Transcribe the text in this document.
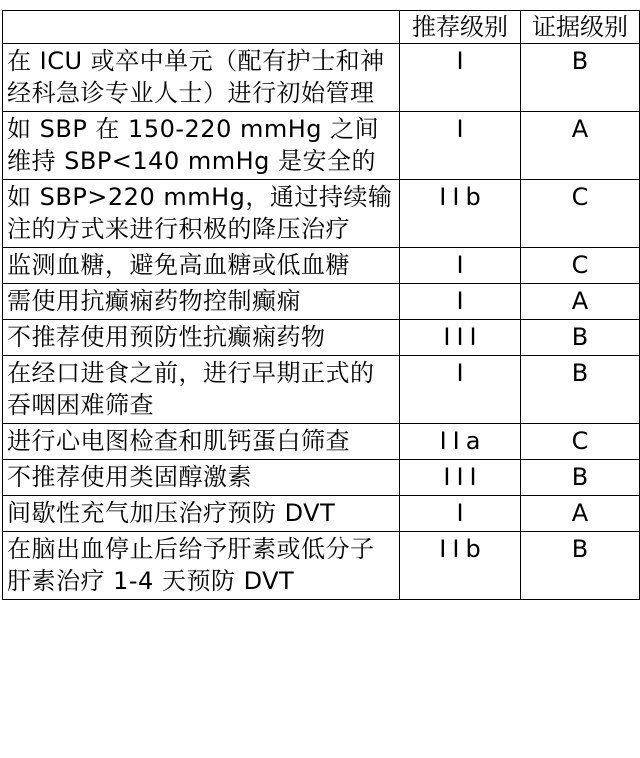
	推荐级别	证据级别
在 ICU 或卒中单元（配有护士和神经科急诊专业人士）进行初始管理	I	B
如 SBP 在 150-220 mmHg 之间维持 SBP<140 mmHg 是安全的	I	A
如 SBP>220 mmHg，通过持续输注的方式来进行积极的降压治疗	IIb	C
监测血糖，避免高血糖或低血糖	I	C
需使用抗癫痫药物控制癫痫	I	A
不推荐使用预防性抗癫痫药物	III	B
在经口进食之前，进行早期正式的吞咽困难筛查	I	B
进行心电图检查和肌钙蛋白筛查	IIa	C
不推荐使用类固醇激素	III	B
间歇性充气加压治疗预防 DVT	I	A
在脑出血停止后给予肝素或低分子肝素治疗 1-4 天预防 DVT	IIb	B
